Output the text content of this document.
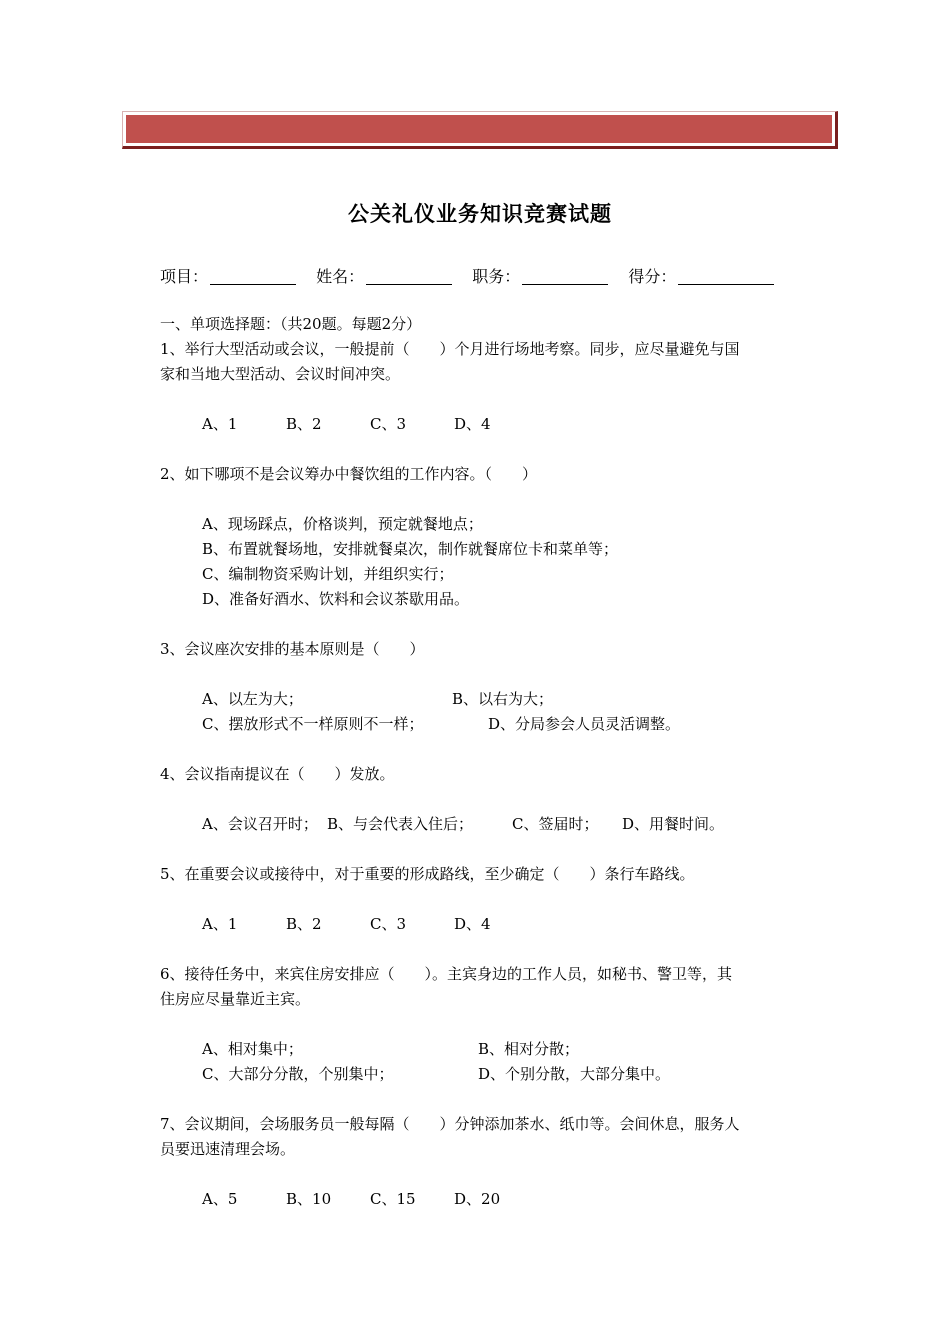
公关礼仪业务知识竞赛试题
项目：	姓名：	职务：	得分：

一、单项选择题：（共20题。每题2分）

1、举行大型活动或会议，一般提前（　　）个月进行场地考察。同步，应尽量避免与国

家和当地大型活动、会议时间冲突。

A、1	B、2	C、3	D、4

2、如下哪项不是会议筹办中餐饮组的工作内容。（　　）

A、现场踩点，价格谈判，预定就餐地点；

B、布置就餐场地，安排就餐桌次，制作就餐席位卡和菜单等；

C、编制物资采购计划，并组织实行；

D、准备好酒水、饮料和会议茶歇用品。

3、会议座次安排的基本原则是（　　）

A、以左为大；	B、以右为大；

C、摆放形式不一样原则不一样；	D、分局参会人员灵活调整。

4、会议指南提议在（　　）发放。

A、会议召开时； B、与会代表入住后；	C、签届时； D、用餐时间。

5、在重要会议或接待中，对于重要的形成路线，至少确定（　　）条行车路线。

A、1	B、2	C、3	D、4

6、接待任务中，来宾住房安排应（　　）。主宾身边的工作人员，如秘书、警卫等，其

住房应尽量靠近主宾。

A、相对集中；	B、相对分散；

C、大部分分散，个别集中；	D、个别分散，大部分集中。

7、会议期间，会场服务员一般每隔（　　）分钟添加茶水、纸巾等。会间休息，服务人

员要迅速清理会场。

A、5	B、10	C、15	D、20
